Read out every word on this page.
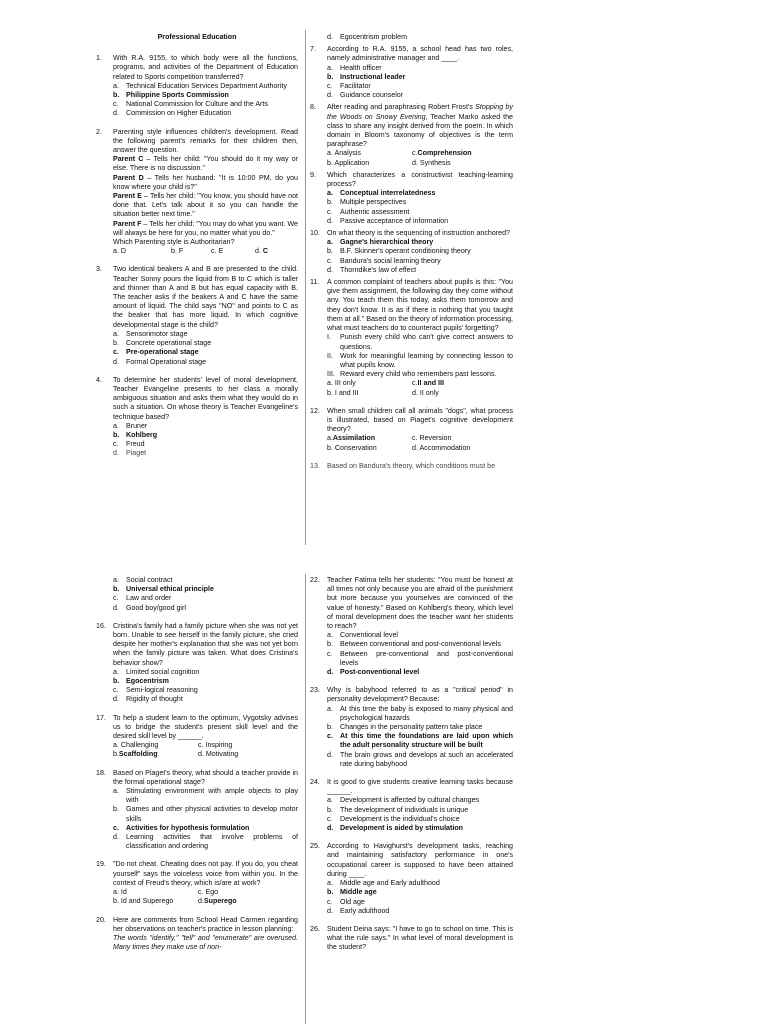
Professional Education
1.	With R.A. 9155, to which body were all the functions, programs, and activities of the Department of Education related to Sports competition transferred?
a. Technical Education Services Department Authority
b. Philippine Sports Commission
c.	National Commission for Culture and the Arts
d. Commission on Higher Education
2.	Parenting style influences children's development. Read the following parent's remarks for their children then, answer the question.
Parent C – Tells her child: "You should do it my way or else. There is no discussion."
Parent D – Tells her husband: "It is 10:00 PM, do you know where your child is?"
Parent E – Tells her child: "You know, you should have not done that. Let's talk about it so you can handle the situation better next time."
Parent F – Tells her child: "You may do what you want. We will always be here for you, no matter what you do."
Which Parenting style is Authoritarian?
a. D	b. F	c. E	d. C
3.	Two identical beakers A and B are presented to the child. Teacher Sonny pours the liquid from B to C which is taller and thinner than A and B but has equal capacity with B. The teacher asks if the beakers A and C have the same amount of liquid. The child says "NO" and points to C as the beaker that has more liquid. In which cognitive developmental stage is the child?
a. Sensorimotor stage
b. Concrete operational stage
c. Pre-operational stage
d. Formal Operational stage
4.	To determine her students' level of moral development, Teacher Evangeline presents to her class a morally ambiguous situation and asks them what they would do in such a situation. On whose theory is Teacher Evangeline's technique based?
a. Bruner
b. Kohlberg
c.	Freud
d. Piaget
d. Egocentrism problem
7.	According to R.A. 9155, a school head has two roles, namely administrative manager and ____.
a. Health officer
b. Instructional leader
c.	Facilitator
d. Guidance counselor
8.	After reading and paraphrasing Robert Frost's Stopping by the Woods on Snowy Evening, Teacher Marko asked the class to share any insight derived from the poem. In which domain in Bloom's taxonomy of objectives is the term paraphrase?
a. Analysis	c. Comprehension
b. Application	d. Synthesis
9.	Which characterizes a constructivist teaching-learning process?
a. Conceptual interrelatedness
b. Multiple perspectives
c.	Authentic assessment
d. Passive acceptance of information
10.	On what theory is the sequencing of instruction anchored?
a. Gagne's hierarchical theory
b. B.F. Skinner's operant conditioning theory
c.	Bandura's social learning theory
d. Thorndike's law of effect
11.	A common complaint of teachers about pupils is this: "You give them assignment, the following day they come without any. You teach them this today, asks them tomorrow and they don't know. It is as if there is nothing that you taught them at all." Based on the theory of information processing, what must teachers do to counteract pupils' forgetting?
I.	Punish every child who can't give correct answers to questions.
II. Work for meaningful learning by connecting lesson to what pupils know.
III. Reward every child who remembers past lessons.
a. III only	c. II and III
b. I and III	d. II only
12.	When small children call all animals "dogs", what process is illustrated, based on Piaget's cognitive development theory?
a. Assimilation	c. Reversion
b. Conservation	d. Accommodation
13.	Based on Bandura's theory, which conditions must be
a. Social contract
b. Universal ethical principle
c.	Law and order
d. Good boy/good girl
16.	Cristina's family had a family picture when she was not yet born. Unable to see herself in the family picture, she cried despite her mother's explanation that she was not yet born when the family picture was taken. What does Cristina's behavior show?
a. Limited social cognition
b. Egocentrism
c.	Semi-logical reasoning
d. Rigidity of thought
17.	To help a student learn to the optimum, Vygotsky advises us to bridge the student's present skill level and the desired skill level by ______.
a. Challenging	c. Inspiring
b. Scaffolding	d. Motivating
18.	Based on Piaget's theory, what should a teacher provide in the formal operational stage?
a. Stimulating environment with ample objects to play with
b. Games and other physical activities to develop motor skills
c. Activities for hypothesis formulation
d. Learning activities that involve problems of classification and ordering
19.	"Do not cheat. Cheating does not pay. If you do, you cheat yourself" says the voiceless voice from within you. In the context of Freud's theory, which is/are at work?
a. Id	c. Ego
b. Id and Superego	d. Superego
20.	Here are comments from School Head Carmen regarding her observations on teacher's practice in lesson planning:
The words "identify," "tell" and "enumerate" are overused. Many times they make use of non-
22.	Teacher Fatima tells her students: "You must be honest at all times not only because you are afraid of the punishment but more because you yourselves are convinced of the value of honesty." Based on Kohlberg's theory, which level of moral development does the teacher want her students to reach?
a. Conventional level
b. Between conventional and post-conventional levels
c.	Between pre-conventional and post-conventional levels
d. Post-conventional level
23.	Why is babyhood referred to as a "critical period" in personality development? Because:
a. At this time the baby is exposed to many physical and psychological hazards
b. Changes in the personality pattern take place
c. At this time the foundations are laid upon which the adult personality structure will be built
d. The brain grows and develops at such an accelerated rate during babyhood
24.	It is good to give students creative learning tasks because ______.
a. Development is affected by cultural changes
b. The development of individuals is unique
c.	Development is the individual's choice
d. Development is aided by stimulation
25.	According to Havighurst's development tasks, reaching and maintaining satisfactory performance in one's occupational career is supposed to have been attained during ____.
a. Middle age and Early adulthood
b. Middle age
c.	Old age
d. Early adulthood
26.	Student Deina says: "I have to go to school on time. This is what the rule says." In what level of moral development is the student?
